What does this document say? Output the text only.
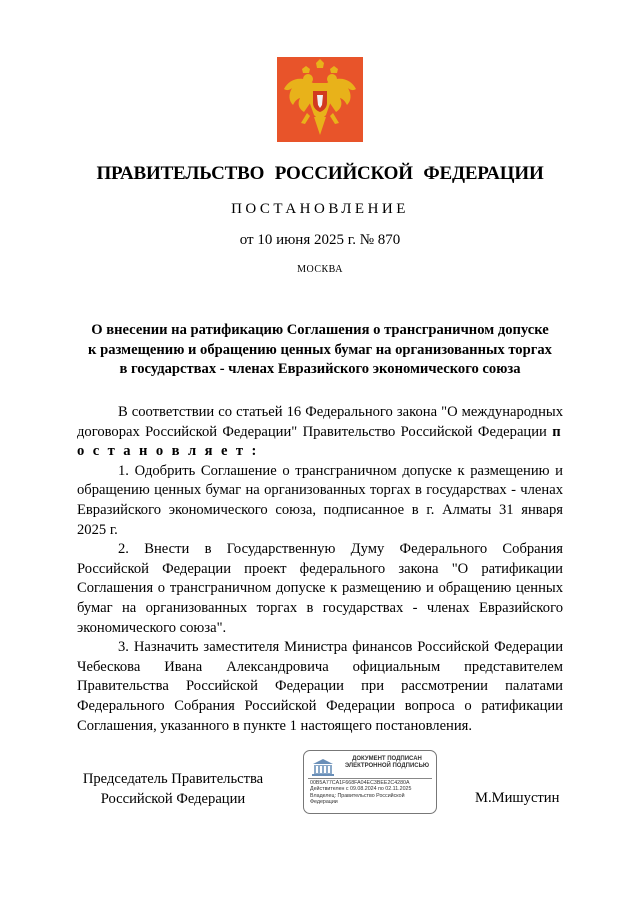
ПРАВИТЕЛЬСТВО РОССИЙСКОЙ ФЕДЕРАЦИИ
ПОСТАНОВЛЕНИЕ
от 10 июня 2025 г. № 870
МОСКВА
О внесении на ратификацию Соглашения о трансграничном допуске
к размещению и обращению ценных бумаг на организованных торгах
в государствах - членах Евразийского экономического союза

В соответствии со статьей 16 Федерального закона "О международных договорах Российской Федерации" Правительство Российской Федерации п о с т а н о в л я е т :

1. Одобрить Соглашение о трансграничном допуске к размещению и обращению ценных бумаг на организованных торгах в государствах - членах Евразийского экономического союза, подписанное в г. Алматы 31 января 2025 г.

2. Внести в Государственную Думу Федерального Собрания Российской Федерации проект федерального закона "О ратификации Соглашения о трансграничном допуске к размещению и обращению ценных бумаг на организованных торгах в государствах - членах Евразийского экономического союза".

3. Назначить заместителя Министра финансов Российской Федерации Чебескова Ивана Александровича официальным представителем Правительства Российской Федерации при рассмотрении палатами Федерального Собрания Российской Федерации вопроса о ратификации Соглашения, указанного в пункте 1 настоящего постановления.

Председатель Правительства
Российской Федерации
ДОКУМЕНТ ПОДПИСАН
ЭЛЕКТРОННОЙ ПОДПИСЬЮ
00B5A77CA1F668FA04EC3BEE2C4280A
Действителен с 09.08.2024 по 02.11.2025
Владелец: Правительство Российской
Федерации	М.Мишустин
